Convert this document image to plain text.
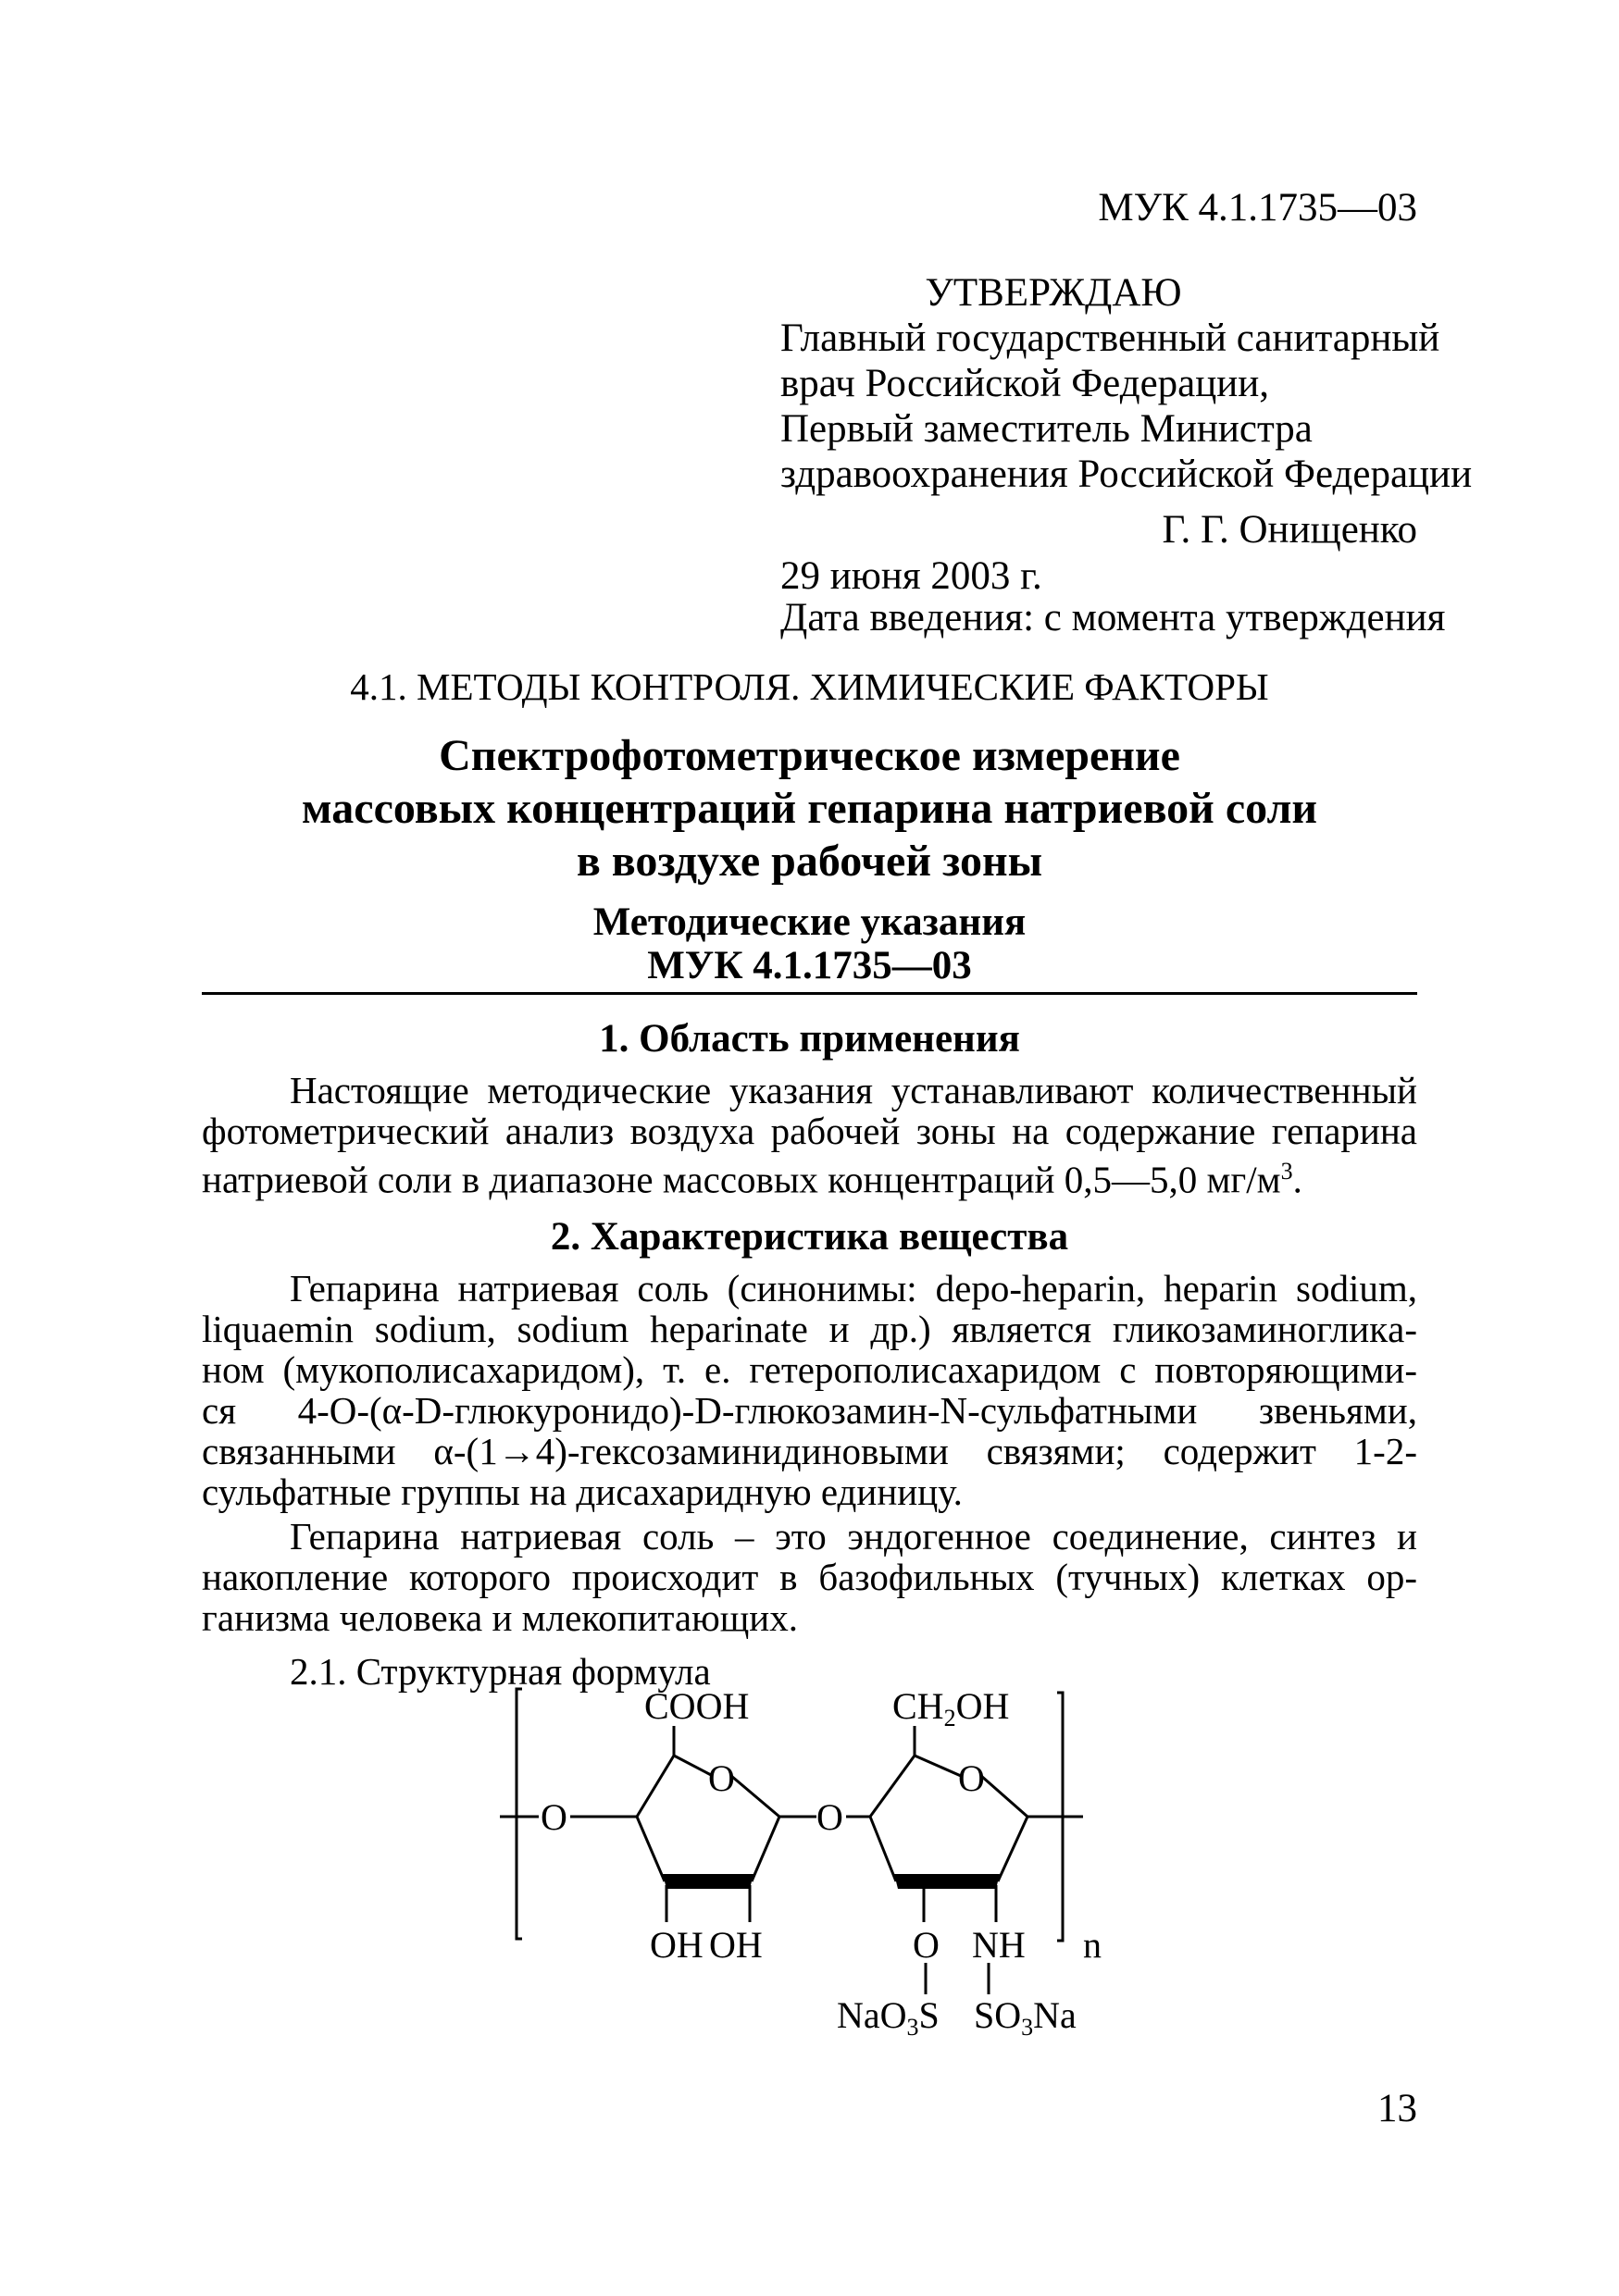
МУК 4.1.1735—03
УТВЕРЖДАЮ
Главный государственный санитарный
врач Российской Федерации,
Первый заместитель Министра
здравоохранения Российской Федерации
Г. Г. Онищенко
29 июня 2003 г.
Дата введения: с момента утверждения
4.1. МЕТОДЫ КОНТРОЛЯ. ХИМИЧЕСКИЕ ФАКТОРЫ
Спектрофотометрическое измерение
массовых концентраций гепарина натриевой соли
в воздухе рабочей зоны
Методические указания
МУК 4.1.1735—03
1. Область применения
Настоящие методические указания устанавливают количественный
фотометрический анализ воздуха рабочей зоны на содержание гепарина
натриевой соли в диапазоне массовых концентраций 0,5—5,0 $мг/м^3$.
2. Характеристика вещества
Гепарина натриевая соль (синонимы: depo-heparin, heparin sodium,
liquaemin sodium, sodium heparinate и др.) является гликозаминогликa-
ном (мукополисахаридом), т. е. гетерополисахаридом с повторяющими-
ся 4-O-(α-D-глюкуронидо)-D-глюкозамин-N-сульфатными звеньями,
связанными α-(1→4)-гексозаминидиновыми связями; содержит 1-2-
сульфатные группы на дисахаридную единицу.
Гепарина натриевая соль – это эндогенное соединение, синтез и
накопление которого происходит в базофильных (тучных) клетках ор-
ганизма человека и млекопитающих.
2.1. Структурная формула
O
COOH
O
OH OH
O
$CH_2OH$
O
O NH n
NaO$_3$S $SO_3Na$
13
